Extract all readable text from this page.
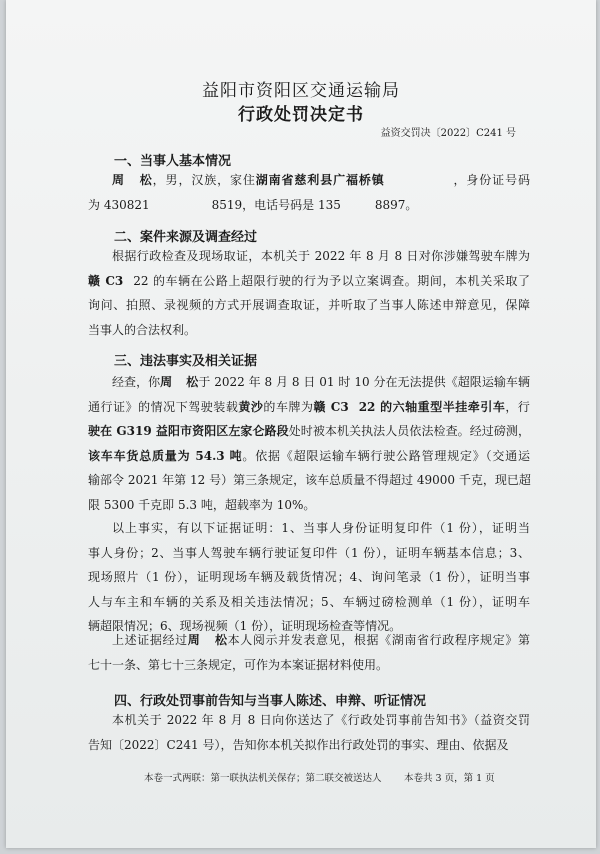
益阳市资阳区交通运输局
行政处罚决定书
益资交罚决〔2022〕C241 号
一、当事人基本情况
周 松，男，汉族，家住湖南省慈利县广福桥镇	，身份证号码
为 430821	8519，电话号码是 135	8897。
二、案件来源及调查经过
根据行政检查及现场取证，本机关于 2022 年 8 月 8 日对你涉嫌驾驶车牌为
赣 C3 22 的车辆在公路上超限行驶的行为予以立案调查。期间，本机关采取了
询问、拍照、录视频的方式开展调查取证，并听取了当事人陈述申辩意见，保障
当事人的合法权利。
三、违法事实及相关证据
经查，你周 松于 2022 年 8 月 8 日 01 时 10 分在无法提供《超限运输车辆
通行证》的情况下驾驶装载黄沙的车牌为赣 C3 22 的六轴重型半挂牵引车，行
驶在 G319 益阳市资阳区左家仑路段处时被本机关执法人员依法检查。经过磅测，
该车车货总质量为 54.3 吨。依据《超限运输车辆行驶公路管理规定》（交通运
输部令 2021 年第 12 号）第三条规定，该车总质量不得超过 49000 千克，现已超
限 5300 千克即 5.3 吨，超载率为 10%。
以上事实，有以下证据证明：1、当事人身份证明复印件（1 份），证明当
事人身份；2、当事人驾驶车辆行驶证复印件（1 份），证明车辆基本信息；3、
现场照片（1 份），证明现场车辆及载货情况；4、询问笔录（1 份），证明当事
人与车主和车辆的关系及相关违法情况；5、车辆过磅检测单（1 份），证明车
辆超限情况；6、现场视频（1 份），证明现场检查等情况。
上述证据经过周 松本人阅示并发表意见，根据《湖南省行政程序规定》第
七十一条、第七十三条规定，可作为本案证据材料使用。
四、行政处罚事前告知与当事人陈述、申辩、听证情况
本机关于 2022 年 8 月 8 日向你送达了《行政处罚事前告知书》（益资交罚
告知〔2022〕C241 号），告知你本机关拟作出行政处罚的事实、理由、依据及
本卷一式两联：第一联执法机关保存；第二联交被送达人 本卷共 3 页，第 1 页
